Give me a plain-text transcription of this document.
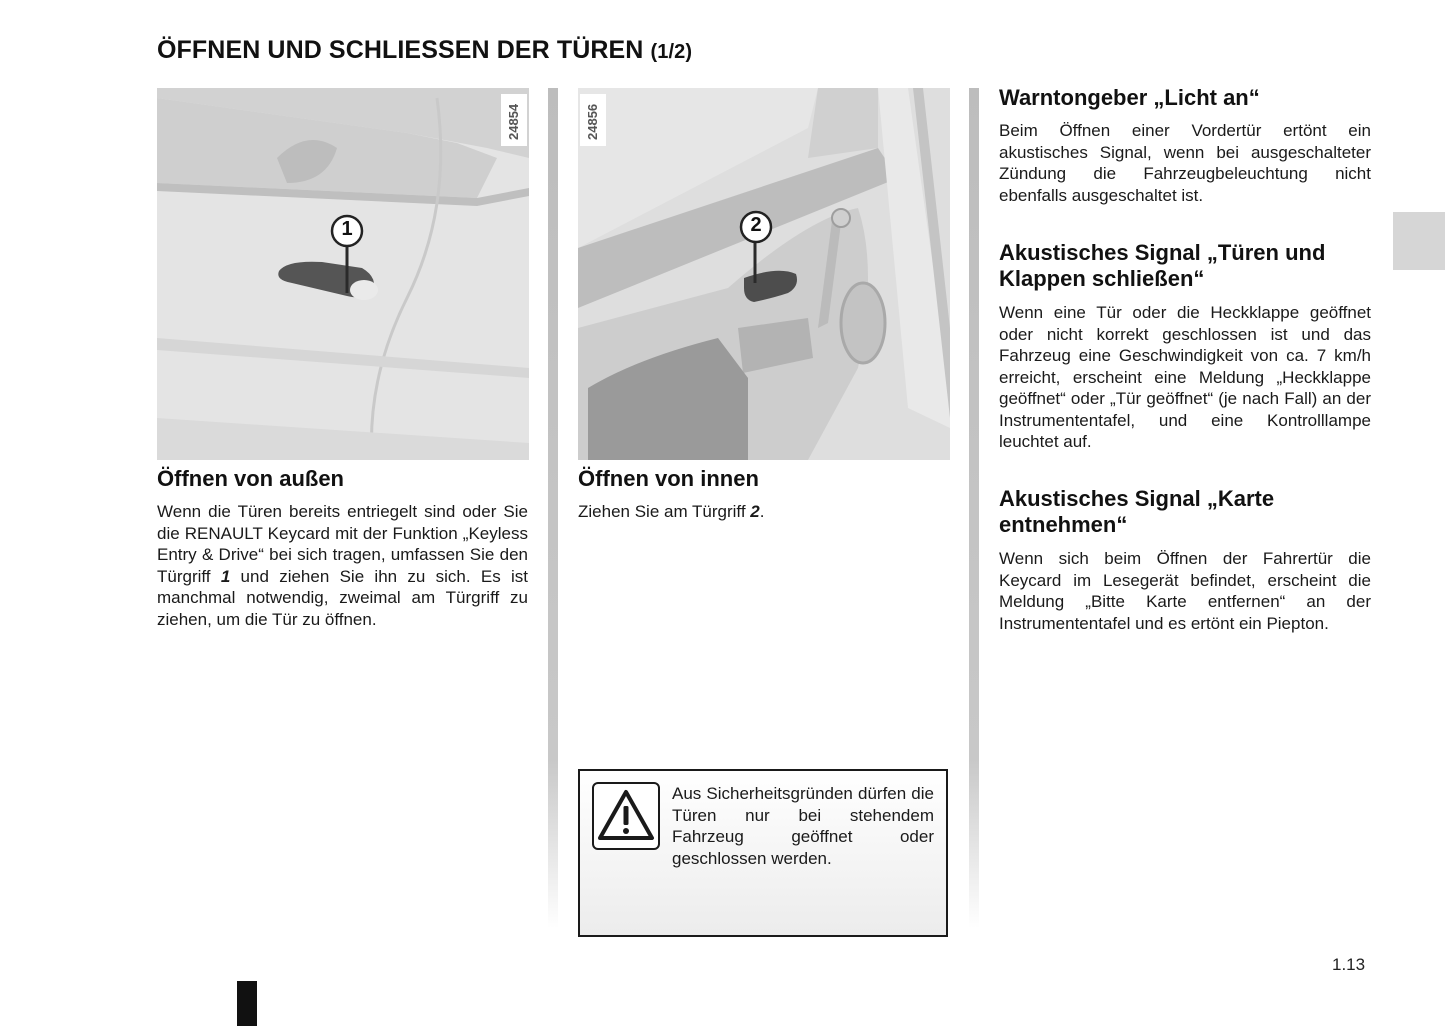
ÖFFNEN UND SCHLIESSEN DER TÜREN (1/2)
1
24854
2
24856
Öffnen von außen

Wenn die Türen bereits entriegelt sind oder Sie die RENAULT Keycard mit der Funktion „Keyless Entry & Drive“ bei sich tragen, umfassen Sie den Türgriff 1 und ziehen Sie ihn zu sich. Es ist manchmal notwendig, zweimal am Türgriff zu ziehen, um die Tür zu öffnen.

Öffnen von innen

Ziehen Sie am Türgriff 2.

Aus Sicherheitsgründen dürfen die Türen nur bei stehendem Fahrzeug geöffnet oder geschlossen werden.

Warntongeber „Licht an“

Beim Öffnen einer Vordertür ertönt ein akustisches Signal, wenn bei ausgeschalteter Zündung die Fahrzeugbeleuchtung nicht ebenfalls ausgeschaltet ist.

Akustisches Signal „Türen und Klappen schließen“

Wenn eine Tür oder die Heckklappe geöffnet oder nicht korrekt geschlossen ist und das Fahrzeug eine Geschwindigkeit von ca. 7 km/h erreicht, erscheint eine Meldung „Heckklappe geöffnet“ oder „Tür geöffnet“ (je nach Fall) an der Instrumententafel, und eine Kontrolllampe leuchtet auf.

Akustisches Signal „Karte entnehmen“

Wenn sich beim Öffnen der Fahrertür die Keycard im Lesegerät befindet, erscheint die Meldung „Bitte Karte entfernen“ an der Instrumententafel und es ertönt ein Piepton.

1.13
